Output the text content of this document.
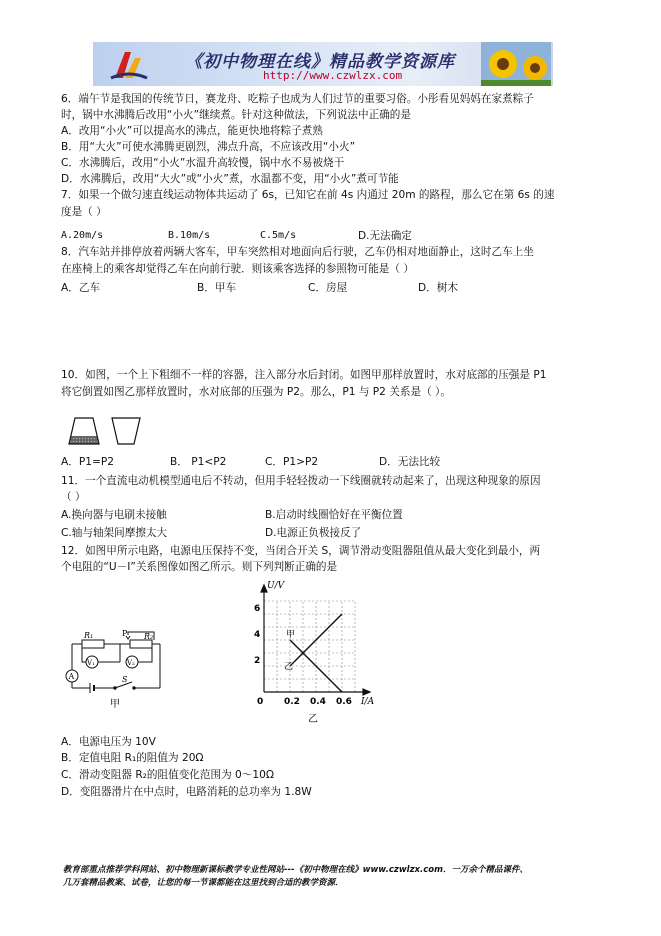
《初中物理在线》精品教学资源库
http://www.czwlzx.com
6．端午节是我国的传统节日，赛龙舟、吃粽子也成为人们过节的重要习俗。小彤看见妈妈在家煮粽子
时，锅中水沸腾后改用“小火”继续煮。针对这种做法，下列说法中正确的是
A．改用“小火”可以提高水的沸点，能更快地将粽子煮熟
B．用“大火”可使水沸腾更剧烈，沸点升高，不应该改用“小火”
C．水沸腾后，改用“小火”水温升高较慢，锅中水不易被烧干
D．水沸腾后，改用“大火”或“小火”煮，水温都不变，用“小火”煮可节能
7．如果一个做匀速直线运动物体共运动了 6s，已知它在前 4s 内通过 20m 的路程，那么它在第 6s 的速
度是（ ）
A.20m/s	B.10m/s	C.5m/s	D.无法确定
8．汽车站并排停放着两辆大客车，甲车突然相对地面向后行驶，乙车仍相对地面静止，这时乙车上坐
在座椅上的乘客却觉得乙车在向前行驶．则该乘客选择的参照物可能是（ ）
A．乙车	B．甲车	C．房屋	D．树木
10．如图，一个上下粗细不一样的容器，注入部分水后封闭。如图甲那样放置时，水对底部的压强是 P1
将它倒置如图乙那样放置时，水对底部的压强为 P2。那么，P1 与 P2 关系是（ ）。
A．P1=P2	B． P1<P2	C．P1>P2	D．无法比较
11．一个直流电动机模型通电后不转动，但用手轻轻拨动一下线圈就转动起来了，出现这种现象的原因
（ ）
A.换向器与电刷未接触	B.启动时线圈恰好在平衡位置
C.轴与轴架间摩擦太大	D.电源正负极接反了
12．如图甲所示电路，电源电压保持不变，当闭合开关 S，调节滑动变阻器阻值从最大变化到最小，两
个电阻的“U－I”关系图像如图乙所示。则下列判断正确的是
R₁	P R₂
V₁	V₂
A	S
甲
U/V
I/A
2
4
6
0 0.2 0.4 0.6
甲
乙
乙
A．电源电压为 10V
B．定值电阻 R₁的阻值为 20Ω
C．滑动变阻器 R₂的阻值变化范围为 0～10Ω
D．变阻器滑片在中点时，电路消耗的总功率为 1.8W
教育部重点推荐学科网站、初中物理新课标教学专业性网站---《初中物理在线》www.czwlzx.com．一万余个精品课件、
几万套精品教案、试卷，让您的每一节课都能在这里找到合适的教学资源．
